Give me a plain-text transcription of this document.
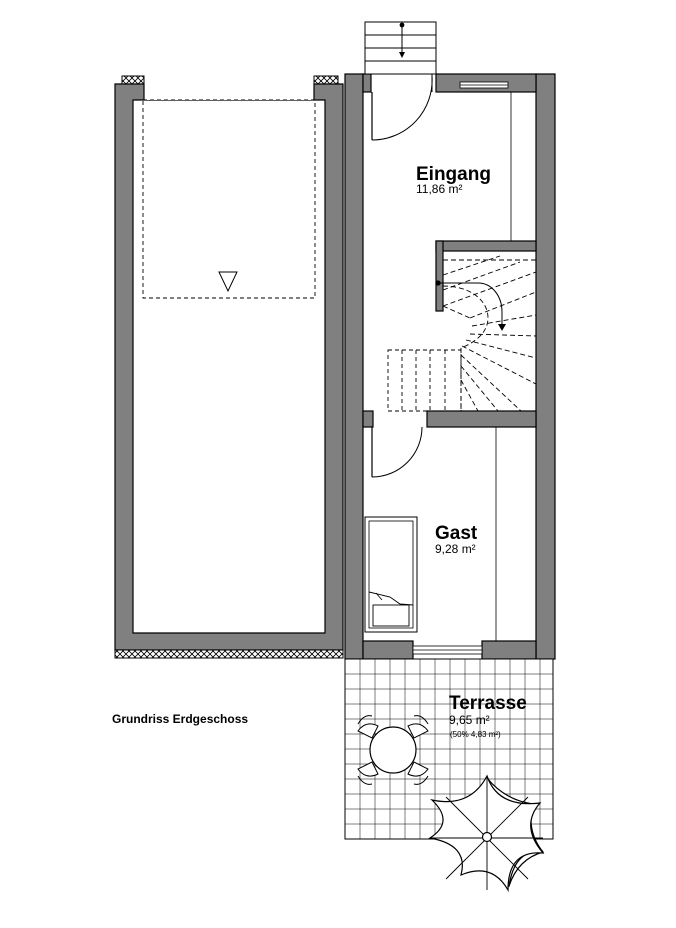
Eingang
11,86 m²
Gast
9,28 m²
Terrasse
9,65 m²
(50% 4,83 m²)
Grundriss Erdgeschoss
